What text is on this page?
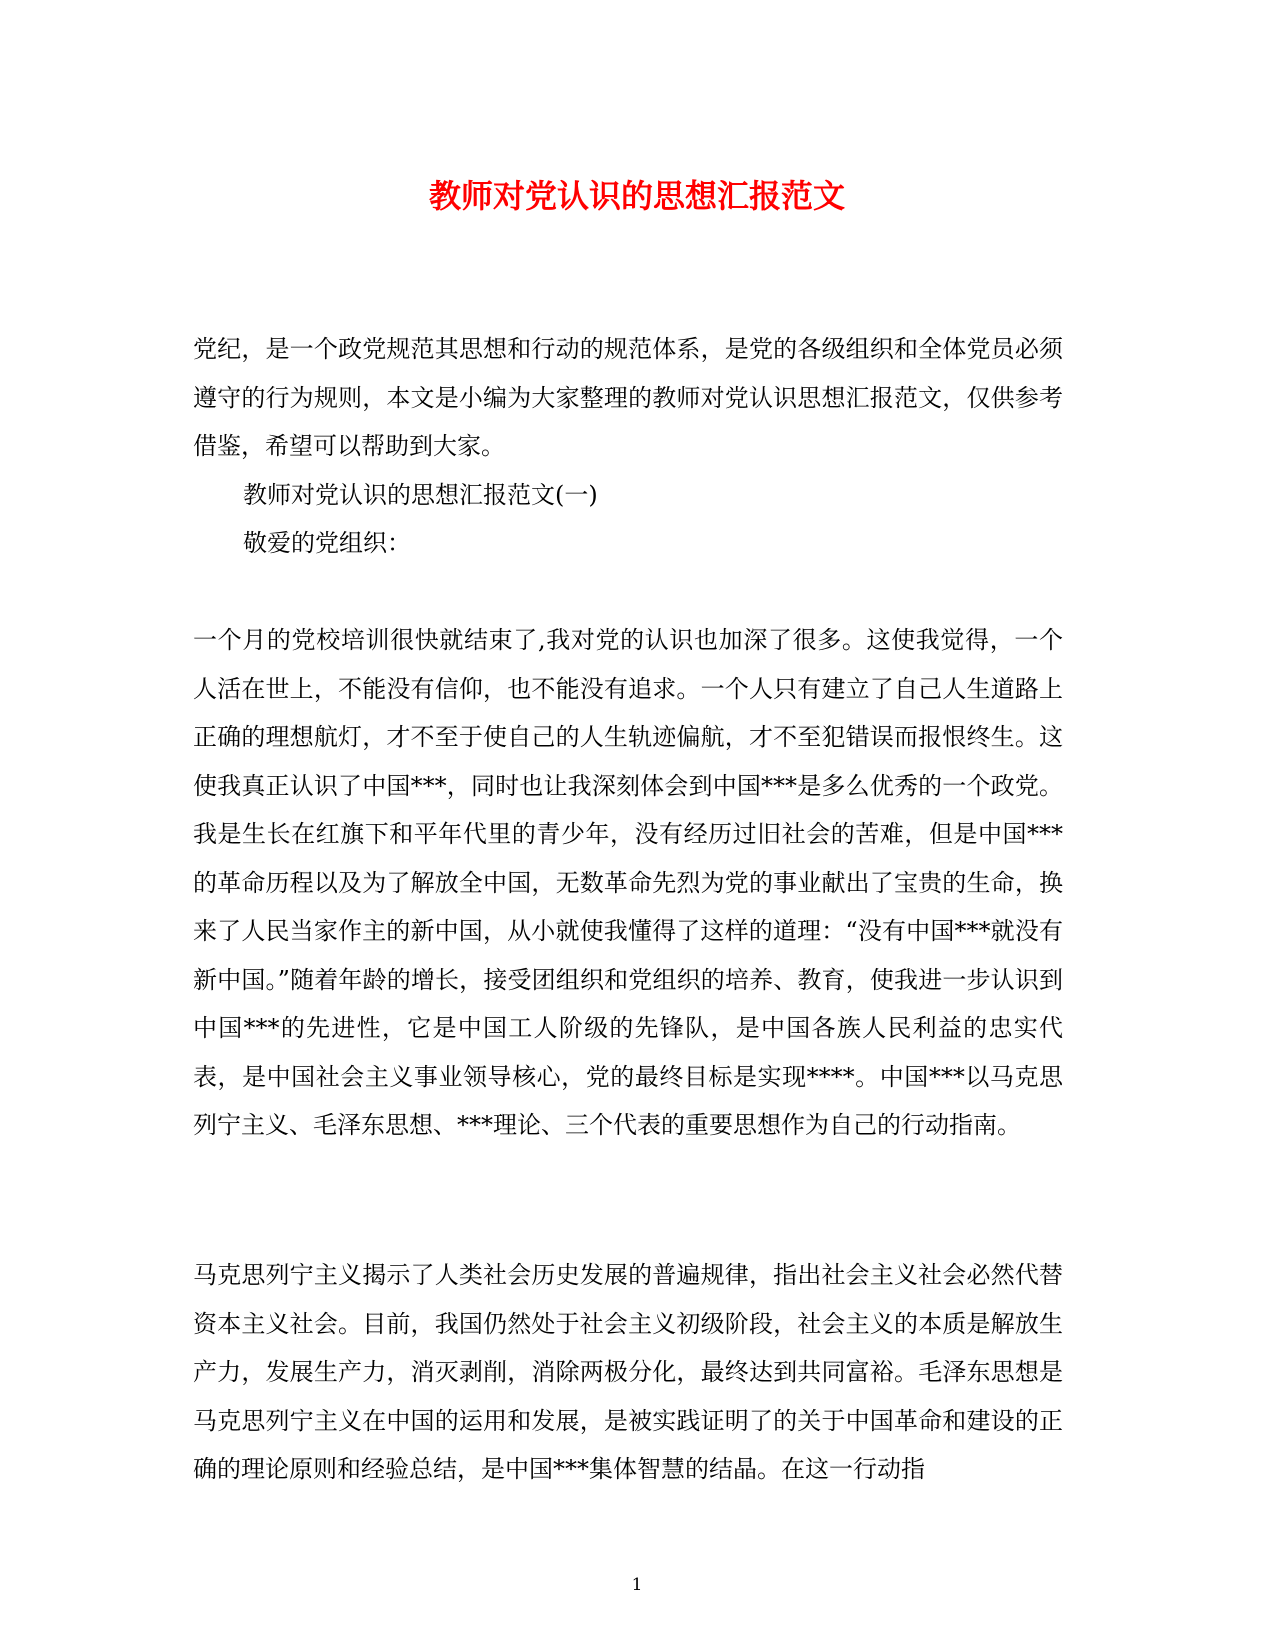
教师对党认识的思想汇报范文

党纪，是一个政党规范其思想和行动的规范体系，是党的各级组织和全体党员必须遵守的行为规则，本文是小编为大家整理的教师对党认识思想汇报范文，仅供参考借鉴，希望可以帮助到大家。

教师对党认识的思想汇报范文(一)

敬爱的党组织：

一个月的党校培训很快就结束了,我对党的认识也加深了很多。这使我觉得，一个人活在世上，不能没有信仰，也不能没有追求。一个人只有建立了自己人生道路上正确的理想航灯，才不至于使自己的人生轨迹偏航，才不至犯错误而报恨终生。这使我真正认识了中国***，同时也让我深刻体会到中国***是多么优秀的一个政党。我是生长在红旗下和平年代里的青少年，没有经历过旧社会的苦难，但是中国***的革命历程以及为了解放全中国，无数革命先烈为党的事业献出了宝贵的生命，换来了人民当家作主的新中国，从小就使我懂得了这样的道理：“没有中国***就没有新中国。”随着年龄的增长，接受团组织和党组织的培养、教育，使我进一步认识到中国***的先进性，它是中国工人阶级的先锋队，是中国各族人民利益的忠实代表，是中国社会主义事业领导核心，党的最终目标是实现****。中国***以马克思列宁主义、毛泽东思想、***理论、三个代表的重要思想作为自己的行动指南。

马克思列宁主义揭示了人类社会历史发展的普遍规律，指出社会主义社会必然代替资本主义社会。目前，我国仍然处于社会主义初级阶段，社会主义的本质是解放生产力，发展生产力，消灭剥削，消除两极分化，最终达到共同富裕。毛泽东思想是马克思列宁主义在中国的运用和发展，是被实践证明了的关于中国革命和建设的正确的理论原则和经验总结，是中国***集体智慧的结晶。在这一行动指

1
